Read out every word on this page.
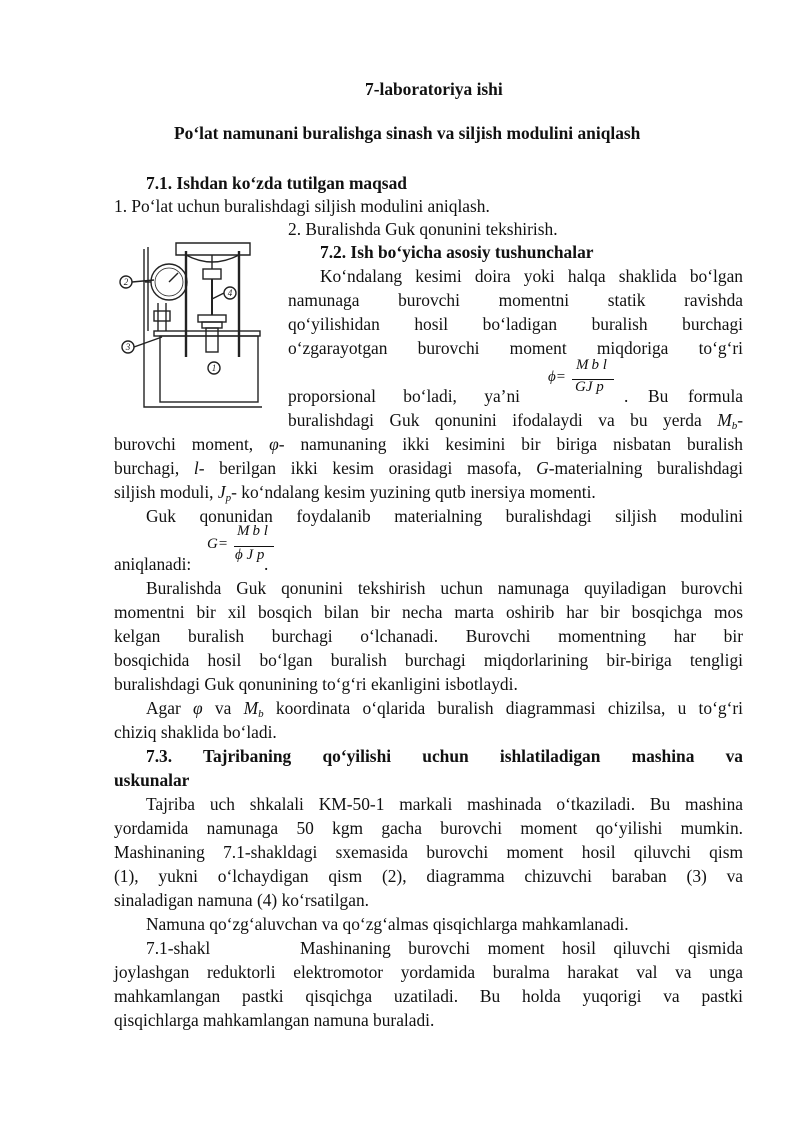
7-laboratoriya ishi
Po‘lat namunani buralishga sinash va siljish modulini aniqlash
7.1. Ishdan ko‘zda tutilgan maqsad
1. Po‘lat uchun buralishdagi siljish modulini aniqlash.
2. Buralishda Guk qonunini tekshirish.
7.2. Ish bo‘yicha asosiy tushunchalar
Ko‘ndalang kesimi doira yoki halqa shaklida bo‘lgan
namunaga burovchi momentni statik ravishda
qo‘yilishidan hosil bo‘ladigan buralish burchagi
o‘zgarayotgan burovchi moment miqdoriga to‘g‘ri
proporsional bo‘ladi, ya’ni
ϕ=
M b l
GJ p . Bu formula
buralishdagi Guk qonunini ifodalaydi va bu yerda $M_b-$
burovchi moment, φ- namunaning ikki kesimini bir biriga nisbatan buralish
burchagi, l- berilgan ikki kesim orasidagi masofa, G-materialning buralishdagi
siljish moduli, $J_p-$ ko‘ndalang kesim yuzining qutb inersiya momenti.
Guk qonunidan foydalanib materialning buralishdagi siljish modulini
aniqlanadi:
G=
M b l
ϕ J p .
Buralishda Guk qonunini tekshirish uchun namunaga quyiladigan burovchi
momentni bir xil bosqich bilan bir necha marta oshirib har bir bosqichga mos
kelgan buralish burchagi o‘lchanadi. Burovchi momentning har bir
bosqichida hosil bo‘lgan buralish burchagi miqdorlarining bir-biriga tengligi
buralishdagi Guk qonunining to‘g‘ri ekanligini isbotlaydi.
Agar φ va $M_b$ koordinata o‘qlarida buralish diagrammasi chizilsa, u to‘g‘ri
chiziq shaklida bo‘ladi.
7.3. Tajribaning qo‘yilishi uchun ishlatiladigan mashina va
uskunalar
Tajriba uch shkalali KM-50-1 markali mashinada o‘tkaziladi. Bu mashina
yordamida namunaga 50 kgm gacha burovchi moment qo‘yilishi mumkin.
Mashinaning 7.1-shakldagi sxemasida burovchi moment hosil qiluvchi qism
(1), yukni o‘lchaydigan qism (2), diagramma chizuvchi baraban (3) va
sinaladigan namuna (4) ko‘rsatilgan.
Namuna qo‘zg‘aluvchan va qo‘zg‘almas qisqichlarga mahkamlanadi.
7.1-shakl	Mashinaning burovchi moment hosil qiluvchi qismida
joylashgan reduktorli elektromotor yordamida buralma harakat val va unga
mahkamlangan pastki qisqichga uzatiladi. Bu holda yuqorigi va pastki
qisqichlarga mahkamlangan namuna buraladi.
2
4
3
1
